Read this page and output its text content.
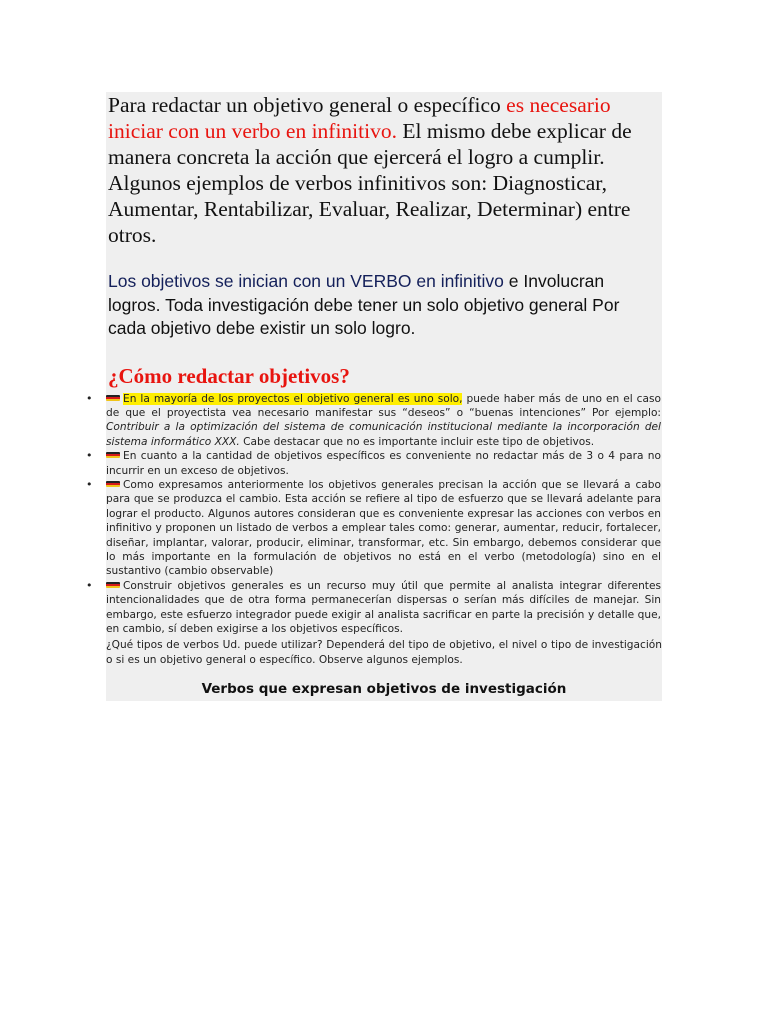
Para redactar un objetivo general o específico es necesario iniciar con un verbo en infinitivo. El mismo debe explicar de manera concreta la acción que ejercerá el logro a cumplir. Algunos ejemplos de verbos infinitivos son: Diagnosticar, Aumentar, Rentabilizar, Evaluar, Realizar, Determinar) entre otros.

Los objetivos se inician con un VERBO en infinitivo e Involucran logros. Toda investigación debe tener un solo objetivo general Por cada objetivo debe existir un solo logro.

¿Cómo redactar objetivos?
•	En la mayoría de los proyectos el objetivo general es uno solo, puede haber más de uno en el caso de que el proyectista vea necesario manifestar sus “deseos” o “buenas intenciones” Por ejemplo: Contribuir a la optimización del sistema de comunicación institucional mediante la incorporación del sistema informático XXX. Cabe destacar que no es importante incluir este tipo de objetivos.
•	En cuanto a la cantidad de objetivos específicos es conveniente no redactar más de 3 o 4 para no incurrir en un exceso de objetivos.
•	Como expresamos anteriormente los objetivos generales precisan la acción que se llevará a cabo para que se produzca el cambio. Esta acción se refiere al tipo de esfuerzo que se llevará adelante para lograr el producto. Algunos autores consideran que es conveniente expresar las acciones con verbos en infinitivo y proponen un listado de verbos a emplear tales como: generar, aumentar, reducir, fortalecer, diseñar, implantar, valorar, producir, eliminar, transformar, etc. Sin embargo, debemos considerar que lo más importante en la formulación de objetivos no está en el verbo (metodología) sino en el sustantivo (cambio observable)
•	Construir objetivos generales es un recurso muy útil que permite al analista integrar diferentes intencionalidades que de otra forma permanecerían dispersas o serían más difíciles de manejar. Sin embargo, este esfuerzo integrador puede exigir al analista sacrificar en parte la precisión y detalle que, en cambio, sí deben exigirse a los objetivos específicos.

¿Qué tipos de verbos Ud. puede utilizar? Dependerá del tipo de objetivo, el nivel o tipo de investigación o si es un objetivo general o específico. Observe algunos ejemplos.

Verbos que expresan objetivos de investigación
